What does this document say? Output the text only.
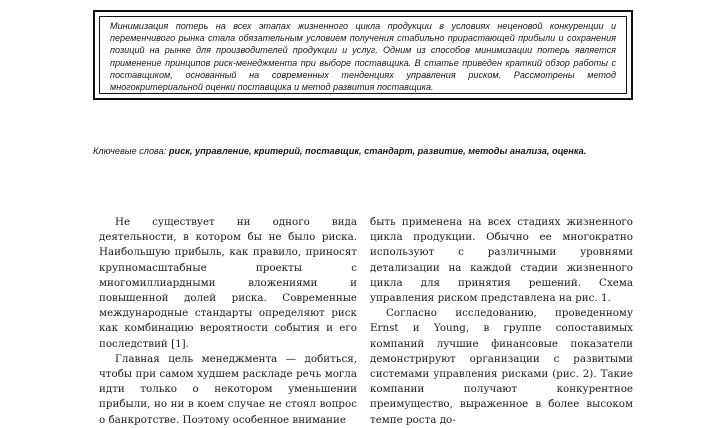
Минимизация потерь на всех этапах жизненного цикла продукции в условиях неценовой конкуренции и переменчивого рынка стала обязательным условием получения стабильно прирастающей прибыли и сохранения позиций на рынке для производителей продукции и услуг. Одним из способов минимизации потерь является применение принципов риск-менеджмента при выборе поставщика. В статье приведен краткий обзор работы с поставщиком, основанный на современных тенденциях управления риском. Рассмотрены метод многокритериальной оценки поставщика и метод развития поставщика.

Ключевые слова: риск, управление, критерий, поставщик, стандарт, развитие, методы анализа, оценка.

Не существует ни одного вида деятельности, в котором бы не было риска. Наибольшую прибыль, как правило, приносят крупномасштабные проекты с многомиллиардными вложениями и повышенной долей риска. Современные международные стандарты определяют риск как комбинацию вероятности события и его последствий [1].

Главная цель менеджмента — добиться, чтобы при самом худшем раскладе речь могла идти только о некотором уменьшении прибыли, но ни в коем случае не стоял вопрос о банкротстве. Поэтому особенное внимание

быть применена на всех стадиях жизненного цикла продукции. Обычно ее многократно используют с различными уровнями детализации на каждой стадии жизненного цикла для принятия решений. Схема управления риском представлена на рис. 1.

Согласно исследованию, проведенному Ernst и Young, в группе сопоставимых компаний лучшие финансовые показатели демонстрируют организации с развитыми системами управления рисками (рис. 2). Такие компании получают конкурентное преимущество, выраженное в более высоком темпе роста до-
